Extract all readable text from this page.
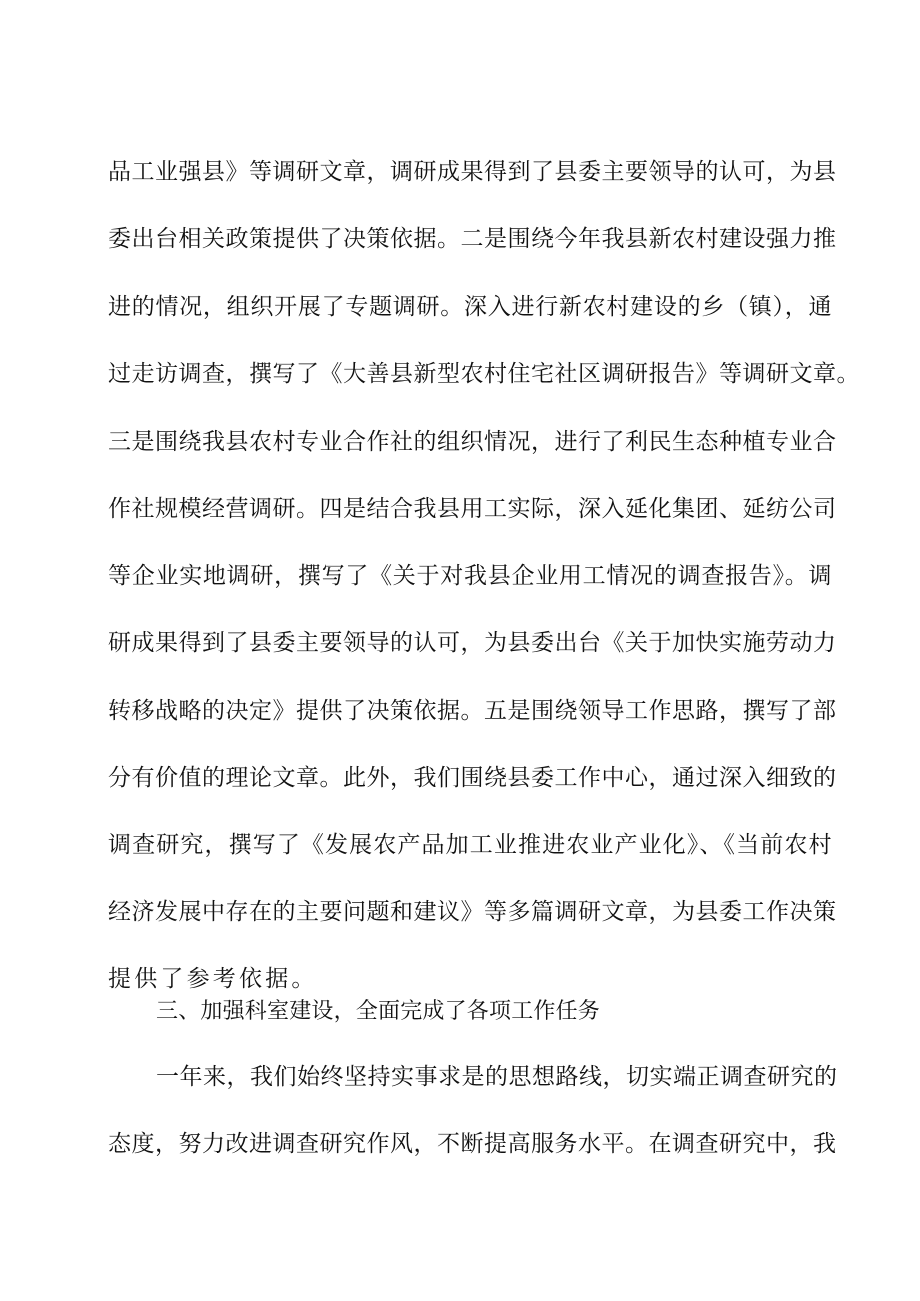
品工业强县》等调研文章，调研成果得到了县委主要领导的认可，为县
委出台相关政策提供了决策依据。二是围绕今年我县新农村建设强力推
进的情况，组织开展了专题调研。深入进行新农村建设的乡（镇），通
过走访调查，撰写了《大善县新型农村住宅社区调研报告》等调研文章。
三是围绕我县农村专业合作社的组织情况，进行了利民生态种植专业合
作社规模经营调研。四是结合我县用工实际，深入延化集团、延纺公司
等企业实地调研，撰写了《关于对我县企业用工情况的调查报告》。调
研成果得到了县委主要领导的认可，为县委出台《关于加快实施劳动力
转移战略的决定》提供了决策依据。五是围绕领导工作思路，撰写了部
分有价值的理论文章。此外，我们围绕县委工作中心，通过深入细致的
调查研究，撰写了《发展农产品加工业推进农业产业化》、《当前农村
经济发展中存在的主要问题和建议》等多篇调研文章，为县委工作决策
提供了参考依据。
三、加强科室建设，全面完成了各项工作任务
一年来，我们始终坚持实事求是的思想路线，切实端正调查研究的
态度，努力改进调查研究作风，不断提高服务水平。在调查研究中，我
